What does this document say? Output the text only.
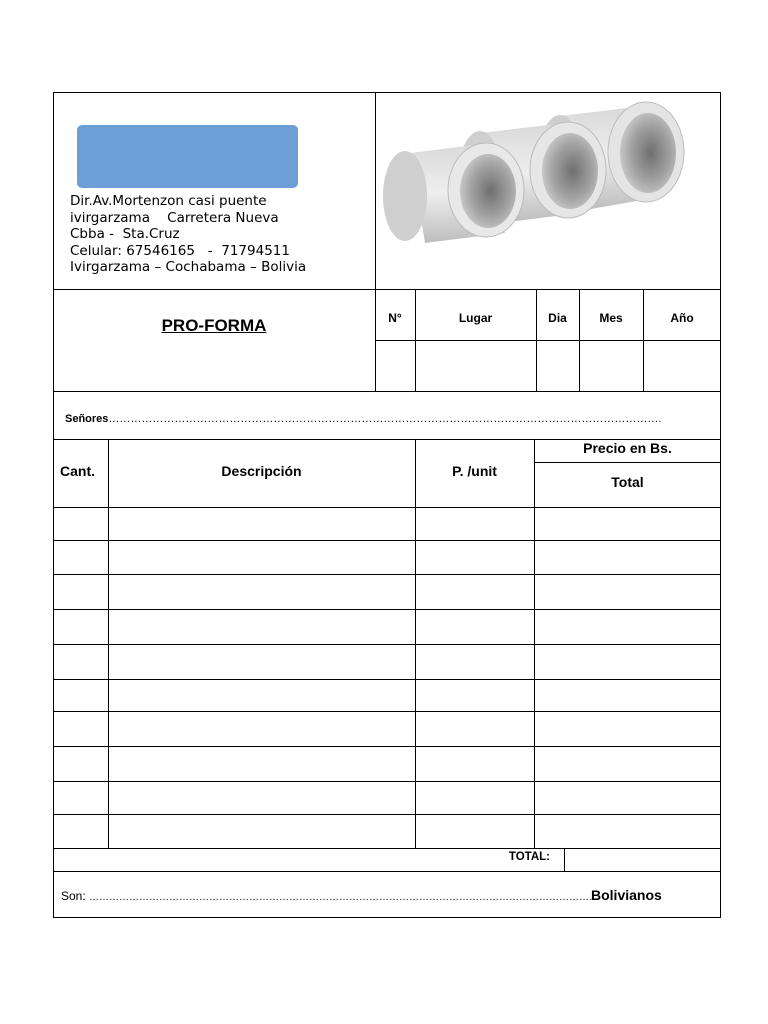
Dir.Av.Mortenzon casi puente
ivirgarzama    Carretera Nueva
Cbba -  Sta.Cruz
Celular: 67546165   -  71794511
Ivirgarzama – Cochabama – Bolivia
PRO-FORMA	N°	Lugar	Dia	Mes	Año
Señores…………………………………………………………………………………………………………………………………….
Cant.	Descripción	P. /unit
Precio en Bs.
Total
TOTAL:
Son: ………………………………………………………………………………………………………………………………………
Bolivianos
